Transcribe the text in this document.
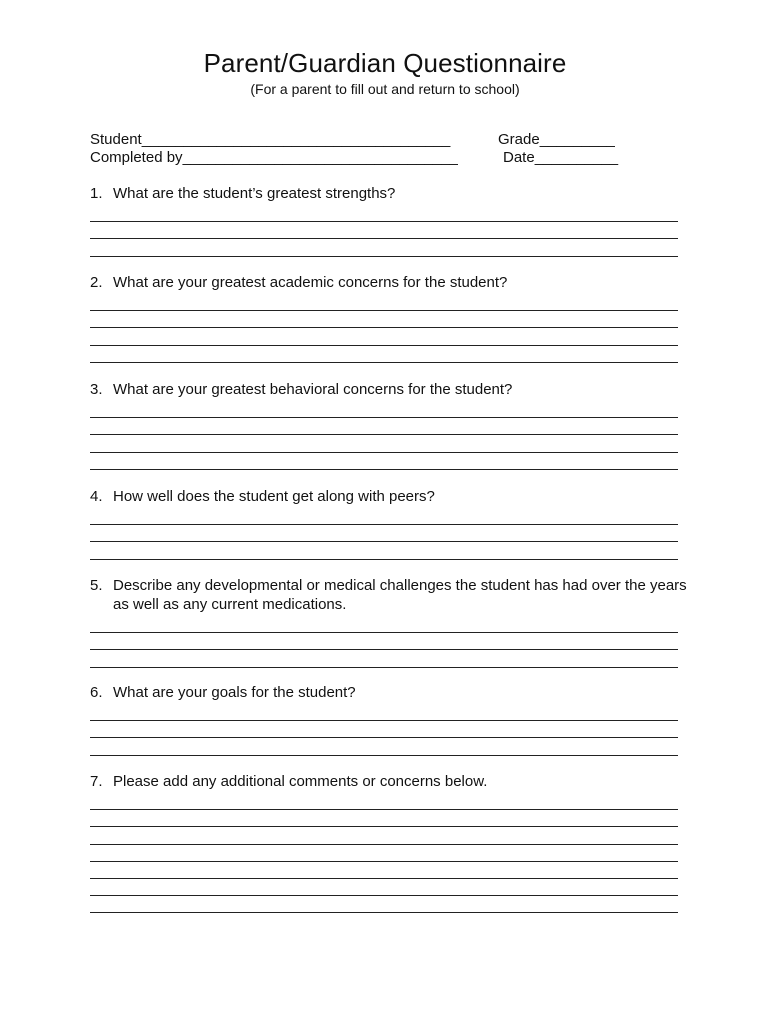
Parent/Guardian Questionnaire
(For a parent to fill out and return to school)
Student_____________________________________	Grade_________
Completed by_________________________________	Date__________
1. What are the student’s greatest strengths?
2. What are your greatest academic concerns for the student?
3. What are your greatest behavioral concerns for the student?
4. How well does the student get along with peers?
5. Describe any developmental or medical challenges the student has had over the years as well as any current medications.
6. What are your goals for the student?
7. Please add any additional comments or concerns below.
